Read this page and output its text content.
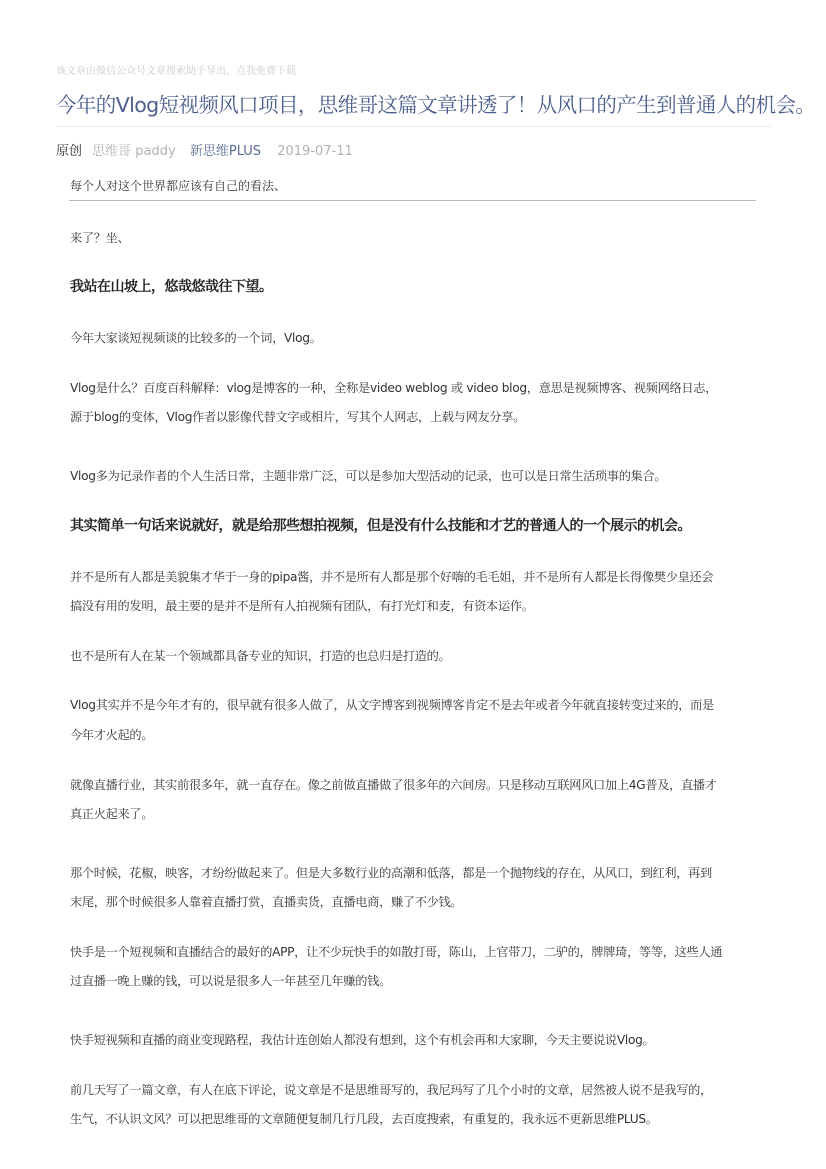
该文章由微信公众号文章搜索助手导出，点我免费下载
今年的Vlog短视频风口项目，思维哥这篇文章讲透了！从风口的产生到普通人的机会。
原创 思维哥 paddy 新思维PLUS 2019-07-11
每个人对这个世界都应该有自己的看法、
来了？坐、
我站在山坡上，悠哉悠哉往下望。
今年大家谈短视频谈的比较多的一个词，Vlog。
Vlog是什么？百度百科解释：vlog是博客的一种，全称是video weblog 或 video blog，意思是视频博客、视频网络日志，
源于blog的变体，Vlog作者以影像代替文字或相片，写其个人网志，上载与网友分享。
Vlog多为记录作者的个人生活日常，主题非常广泛，可以是参加大型活动的记录，也可以是日常生活琐事的集合。
其实简单一句话来说就好，就是给那些想拍视频，但是没有什么技能和才艺的普通人的一个展示的机会。
并不是所有人都是美貌集才华于一身的pipa酱，并不是所有人都是那个好嗨的毛毛姐，并不是所有人都是长得像樊少皇还会
搞没有用的发明，最主要的是并不是所有人拍视频有团队，有打光灯和麦，有资本运作。
也不是所有人在某一个领域都具备专业的知识，打造的也总归是打造的。
Vlog其实并不是今年才有的，很早就有很多人做了，从文字博客到视频博客肯定不是去年或者今年就直接转变过来的，而是
今年才火起的。
就像直播行业，其实前很多年，就一直存在。像之前做直播做了很多年的六间房。只是移动互联网风口加上4G普及，直播才
真正火起来了。
那个时候，花椒，映客，才纷纷做起来了。但是大多数行业的高潮和低落，都是一个抛物线的存在，从风口，到红利，再到
末尾，那个时候很多人靠着直播打赏，直播卖货，直播电商，赚了不少钱。
快手是一个短视频和直播结合的最好的APP，让不少玩快手的如散打哥，陈山，上官带刀，二驴的，牌牌琦，等等，这些人通
过直播一晚上赚的钱，可以说是很多人一年甚至几年赚的钱。
快手短视频和直播的商业变现路程，我估计连创始人都没有想到，这个有机会再和大家聊，今天主要说说Vlog。
前几天写了一篇文章，有人在底下评论，说文章是不是思维哥写的，我尼玛写了几个小时的文章，居然被人说不是我写的，
生气，不认识文风？可以把思维哥的文章随便复制几行几段，去百度搜索，有重复的，我永远不更新思维PLUS。
